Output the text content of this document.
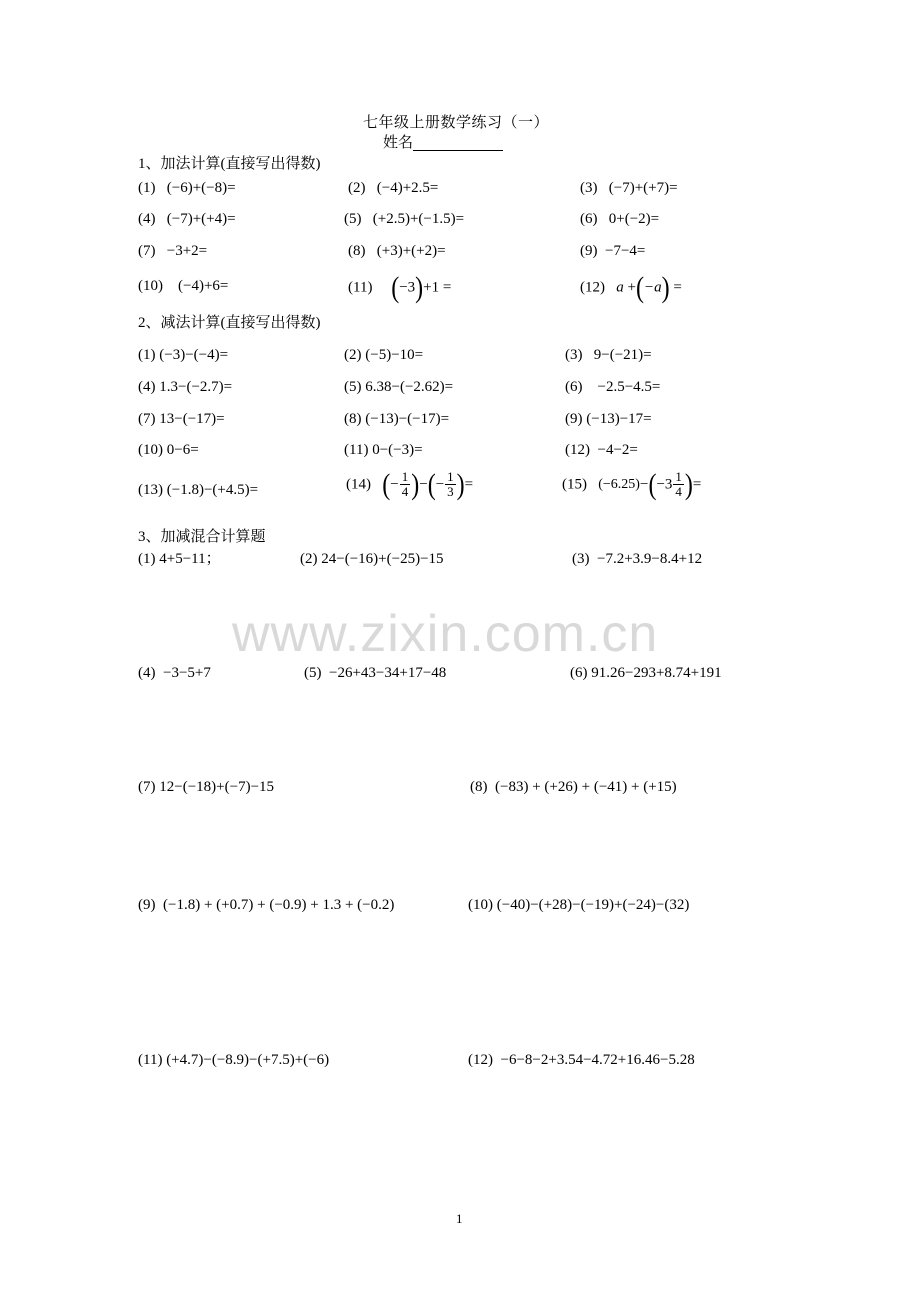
七年级上册数学练习（一）
姓名
1、加法计算(直接写出得数)
(1) (−6)+(−8)=	(2) (−4)+2.5=	(3) (−7)+(+7)=
(4) (−7)+(+4)=	(5) (+2.5)+(−1.5)=	(6) 0+(−2)=
(7) −3+2=	(8) (+3)+(+2)=	(9) −7−4=
(10) (−4)+6=	(11) (−3)+1 =	(12) a +(−a) =
2、减法计算(直接写出得数)
(1) (−3)−(−4)=	(2) (−5)−10=	(3) 9−(−21)=
(4) 1.3−(−2.7)=	(5) 6.38−(−2.62)=	(6) −2.5−4.5=
(7) 13−(−17)=	(8) (−13)−(−17)=	(9) (−13)−17=
(10) 0−6=	(11) 0−(−3)=	(12) −4−2=
(13) (−1.8)−(+4.5)=	(14) (− $\frac{1}{4}$ )−(− $\frac{1}{3}$ )=	(15) $(-6.25)-(-3 \frac{1}{4}$ )=
3、加减混合计算题
(1) 4+5−11；	(2) 24−(−16)+(−25)−15	(3) −7.2+3.9−8.4+12
www.zixin.com.cn
(4) −3−5+7	(5) −26+43−34+17−48	(6) 91.26−293+8.74+191
(7) 12−(−18)+(−7)−15	(8) (−83) + (+26) + (−41) + (+15)
(9) (−1.8) + (+0.7) + (−0.9) + 1.3 + (−0.2)	(10) (−40)−(+28)−(−19)+(−24)−(32)
(11) (+4.7)−(−8.9)−(+7.5)+(−6)	(12) −6−8−2+3.54−4.72+16.46−5.28
1
